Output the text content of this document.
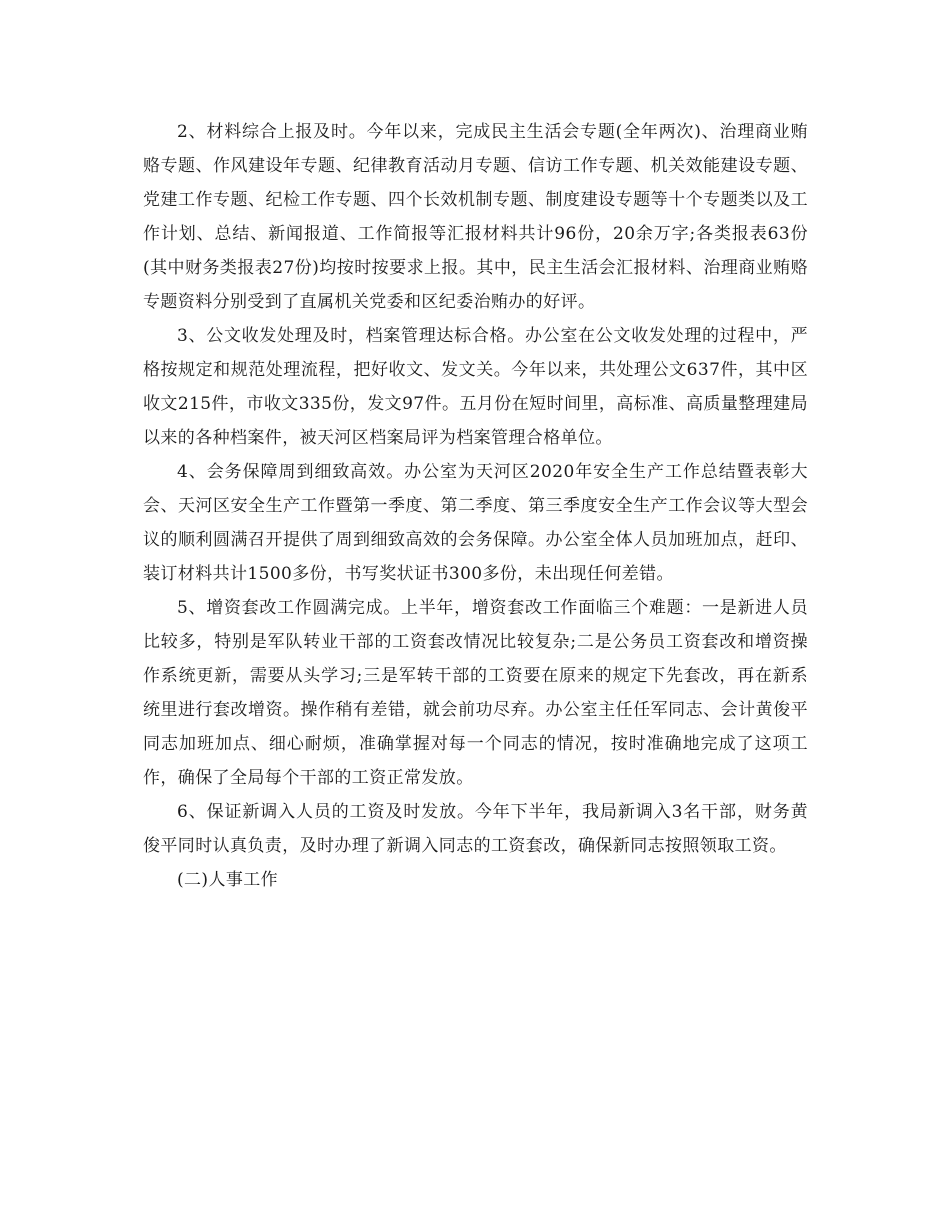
2、材料综合上报及时。今年以来，完成民主生活会专题(全年两次)、治理商业贿赂专题、作风建设年专题、纪律教育活动月专题、信访工作专题、机关效能建设专题、党建工作专题、纪检工作专题、四个长效机制专题、制度建设专题等十个专题类以及工作计划、总结、新闻报道、工作简报等汇报材料共计96份，20余万字;各类报表63份(其中财务类报表27份)均按时按要求上报。其中，民主生活会汇报材料、治理商业贿赂专题资料分别受到了直属机关党委和区纪委治贿办的好评。

3、公文收发处理及时，档案管理达标合格。办公室在公文收发处理的过程中，严格按规定和规范处理流程，把好收文、发文关。今年以来，共处理公文637件，其中区收文215件，市收文335份，发文97件。五月份在短时间里，高标准、高质量整理建局以来的各种档案件，被天河区档案局评为档案管理合格单位。

4、会务保障周到细致高效。办公室为天河区2020年安全生产工作总结暨表彰大会、天河区安全生产工作暨第一季度、第二季度、第三季度安全生产工作会议等大型会议的顺利圆满召开提供了周到细致高效的会务保障。办公室全体人员加班加点，赶印、装订材料共计1500多份，书写奖状证书300多份，未出现任何差错。

5、增资套改工作圆满完成。上半年，增资套改工作面临三个难题：一是新进人员比较多，特别是军队转业干部的工资套改情况比较复杂;二是公务员工资套改和增资操作系统更新，需要从头学习;三是军转干部的工资要在原来的规定下先套改，再在新系统里进行套改增资。操作稍有差错，就会前功尽弃。办公室主任任军同志、会计黄俊平同志加班加点、细心耐烦，准确掌握对每一个同志的情况，按时准确地完成了这项工作，确保了全局每个干部的工资正常发放。

6、保证新调入人员的工资及时发放。今年下半年，我局新调入3名干部，财务黄俊平同时认真负责，及时办理了新调入同志的工资套改，确保新同志按照领取工资。

(二)人事工作
